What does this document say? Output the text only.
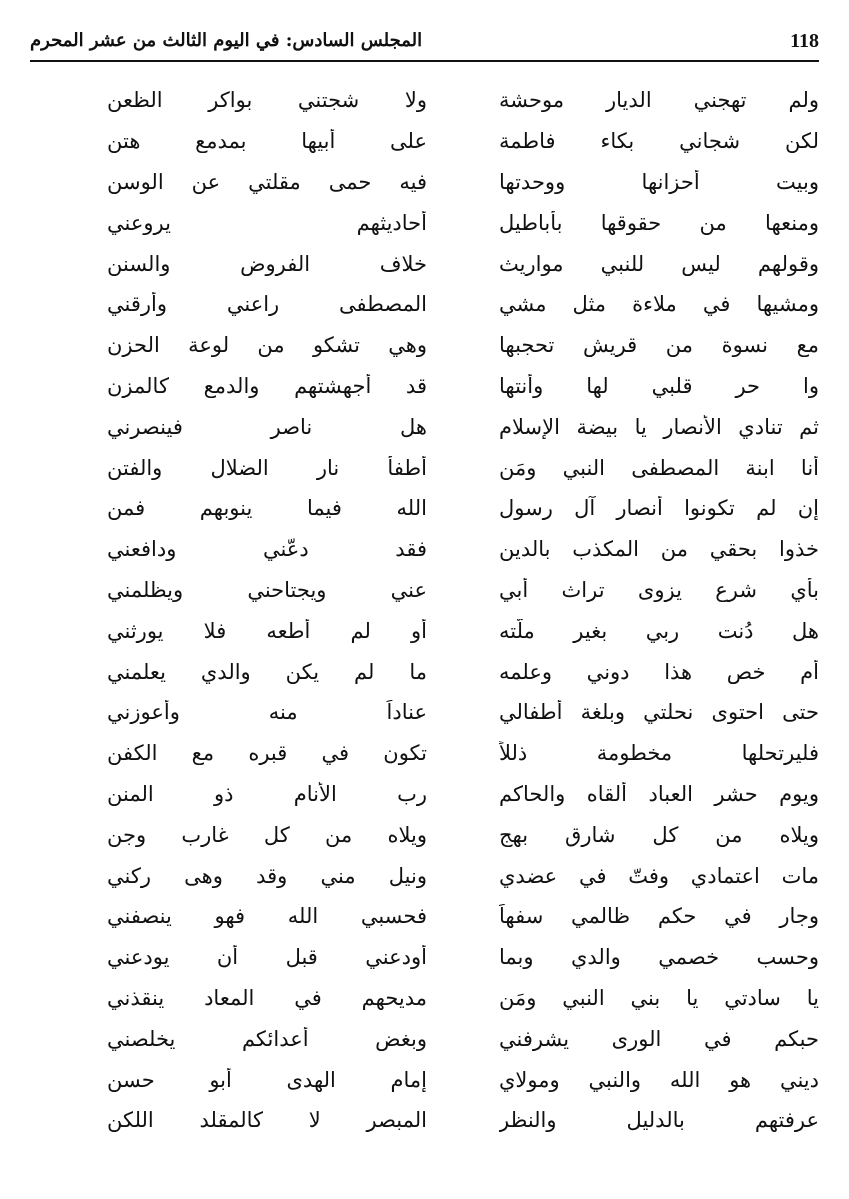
118
المجلس السادس: في اليوم الثالث من عشر المحرم
ولم تهجني الديار موحشة
ولا شجتني بواكر الظعن
لكن شجاني بكاء فاطمة
على أبيها بمدمع هتن
وبيت أحزانها ووحدتها
فيه حمى مقلتي عن الوسن
ومنعها من حقوقها بأباطيل
أحاديثهم يروعني
وقولهم ليس للنبي مواريث
خلاف الفروض والسنن
ومشيها في ملاءة مثل مشي
المصطفى راعني وأرقني
مع نسوة من قريش تحجبها
وهي تشكو من لوعة الحزن
وا حر قلبي لها وأنتها
قد أجهشتهم والدمع كالمزن
ثم تنادي الأنصار يا بيضة الإسلام
هل ناصر فينصرني
أنا ابنة المصطفى النبي ومَن
أطفأ نار الضلال والفتن
إن لم تكونوا أنصار آل رسول
الله فيما ينوبهم فمن
خذوا بحقي من المكذب بالدين
فقد دعّني ودافعني
بأي شرع يزوى تراث أبي
عني ويجتاحني ويظلمني
هل دُنت ربي بغير ملّته
أو لم أطعه فلا يورثني
أم خص هذا دوني وعلمه
ما لم يكن والدي يعلمني
حتى احتوى نحلتي وبلغة أطفالي
عناداً منه وأعوزني
فليرتحلها مخطومة ذللاً
تكون في قبره مع الكفن
ويوم حشر العباد ألقاه والحاكم
رب الأنام ذو المنن
ويلاه من كل شارق بهج
ويلاه من كل غارب وجن
مات اعتمادي وفتّ في عضدي
ونيل مني وقد وهى ركني
وجار في حكم ظالمي سفهاً
فحسبي الله فهو ينصفني
وحسب خصمي والدي وبما
أودعني قبل أن يودعني
يا سادتي يا بني النبي ومَن
مديحهم في المعاد ينقذني
حبكم في الورى يشرفني
وبغض أعدائكم يخلصني
ديني هو الله والنبي ومولاي
إمام الهدى أبو حسن
عرفتهم بالدليل والنظر
المبصر لا كالمقلد اللكن
